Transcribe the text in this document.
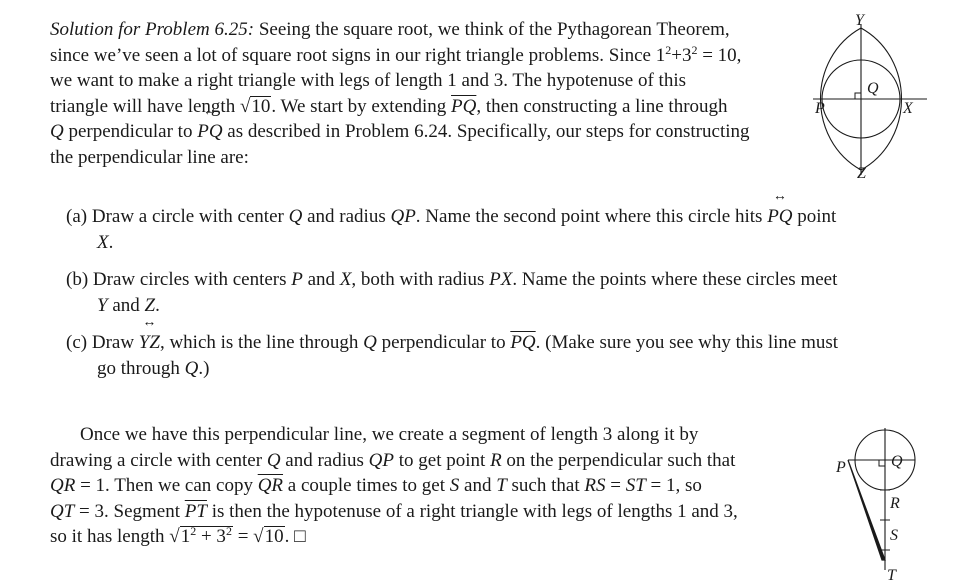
Solution for Problem 6.25: Seeing the square root, we think of the Pythagorean Theorem,
since we’ve seen a lot of square root signs in our right triangle problems. Since $1^2+3^2 = 10$,
we want to make a right triangle with legs of length 1 and 3. The hypotenuse of this
triangle will have length √10. We start by extending $\overline{PQ}$, then constructing a line through
Q perpendicular to ↔ PQ as described in Problem 6.24. Specifically, our steps for constructing
the perpendicular line are:
Y
Q
P	X
Z
(a) Draw a circle with center Q and radius QP. Name the second point where this circle hits ↔ PQ point
X.
(b) Draw circles with centers P and X, both with radius PX. Name the points where these circles meet
Y and Z.
(c) Draw ↔ YZ, which is the line through Q perpendicular to $\overline{PQ}$. (Make sure you see why this line must
go through Q.)
Once we have this perpendicular line, we create a segment of length 3 along it by
drawing a circle with center Q and radius QP to get point R on the perpendicular such that
QR = 1. Then we can copy $\overline{QR}$ a couple times to get S and T such that RS = ST = 1, so
QT = 3. Segment $\overline{PT}$ is then the hypotenuse of a right triangle with legs of lengths 1 and 3,
so it has length $√1^2 + 3^2 = √10$. □
P	Q
R
S
T
